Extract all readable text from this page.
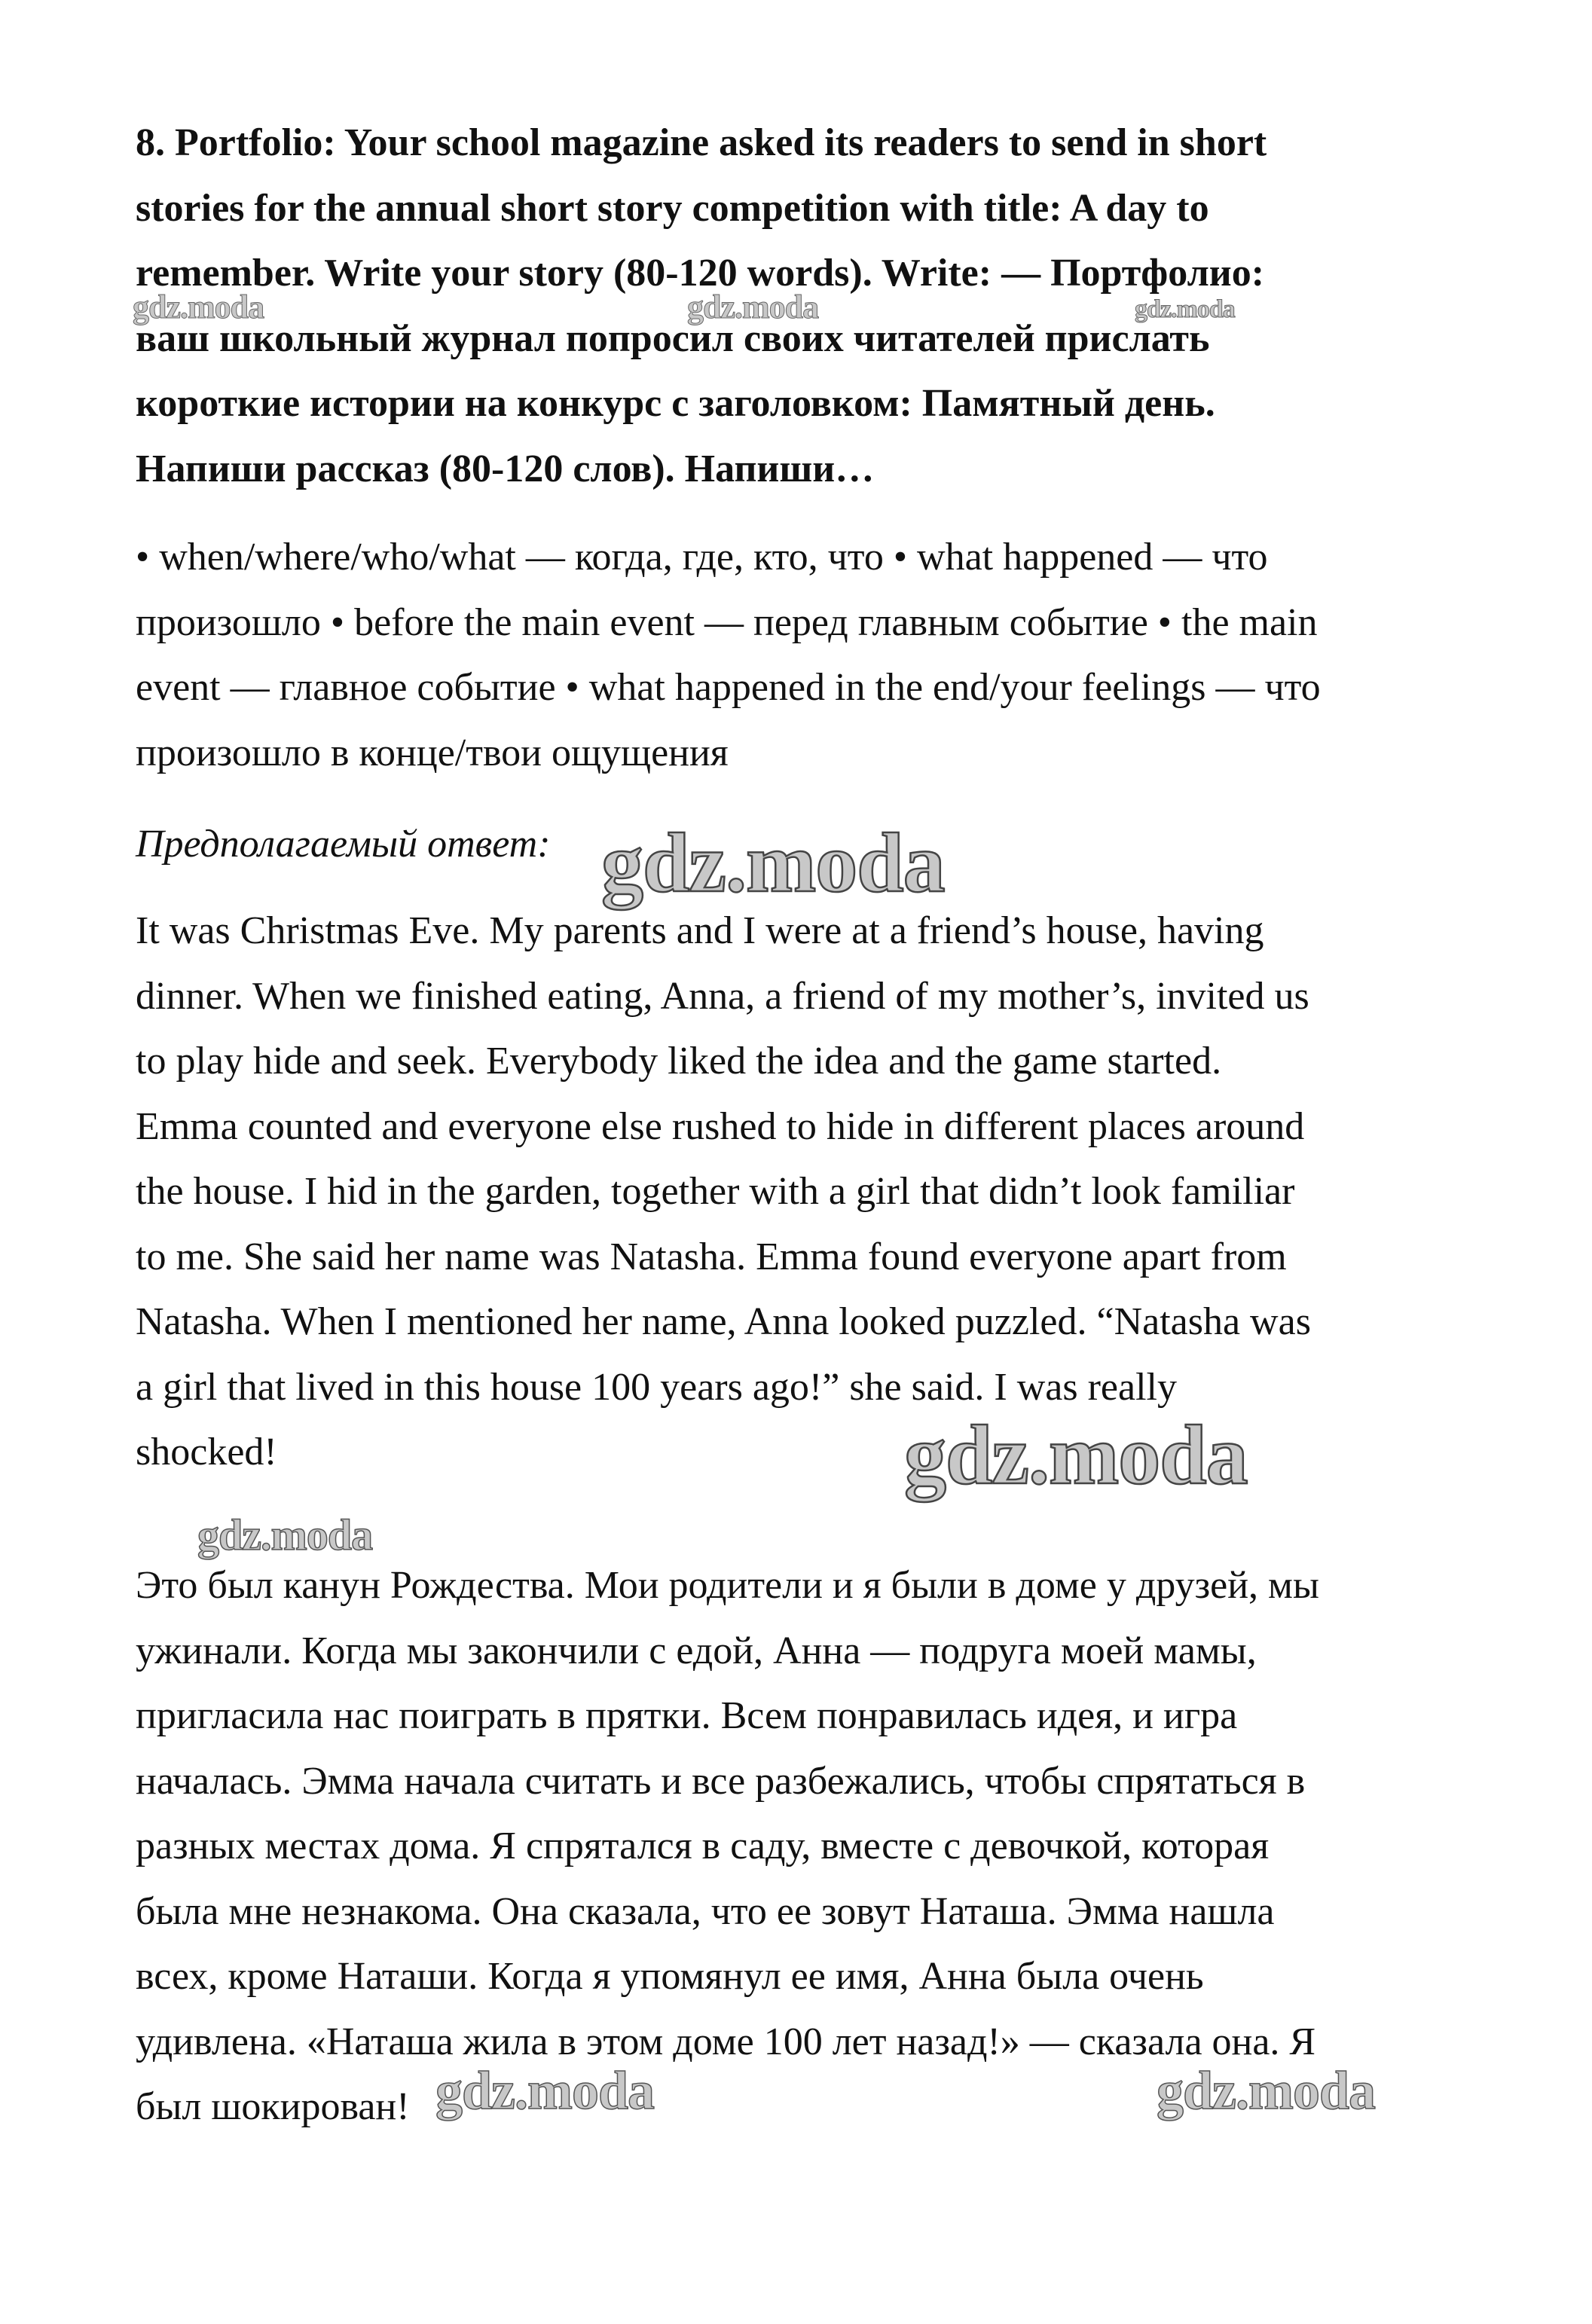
8. Portfolio: Your school magazine asked its readers to send in short
stories for the annual short story competition with title: A day to
remember. Write your story (80-120 words). Write: — Портфолио:
ваш школьный журнал попросил своих читателей прислать
короткие истории на конкурс с заголовком: Памятный день.
Напиши рассказ (80-120 слов). Напиши…
• when/where/who/what — когда, где, кто, что • what happened — что
произошло • before the main event — перед главным событие • the main
event — главное событие • what happened in the end/your feelings — что
произошло в конце/твои ощущения
Предполагаемый ответ:
It was Christmas Eve. My parents and I were at a friend’s house, having
dinner. When we finished eating, Anna, a friend of my mother’s, invited us
to play hide and seek. Everybody liked the idea and the game started.
Emma counted and everyone else rushed to hide in different places around
the house. I hid in the garden, together with a girl that didn’t look familiar
to me. She said her name was Natasha. Emma found everyone apart from
Natasha. When I mentioned her name, Anna looked puzzled. “Natasha was
a girl that lived in this house 100 years ago!” she said. I was really
shocked!
Это был канун Рождества. Мои родители и я были в доме у друзей, мы
ужинали. Когда мы закончили с едой, Анна — подруга моей мамы,
пригласила нас поиграть в прятки. Всем понравилась идея, и игра
началась. Эмма начала считать и все разбежались, чтобы спрятаться в
разных местах дома. Я спрятался в саду, вместе с девочкой, которая
была мне незнакома. Она сказала, что ее зовут Наташа. Эмма нашла
всех, кроме Наташи. Когда я упомянул ее имя, Анна была очень
удивлена. «Наташа жила в этом доме 100 лет назад!» — сказала она. Я
был шокирован!
gdz.moda	gdz.moda	gdz.moda
gdz.moda
gdz.moda
gdz.moda
gdz.moda	gdz.moda
